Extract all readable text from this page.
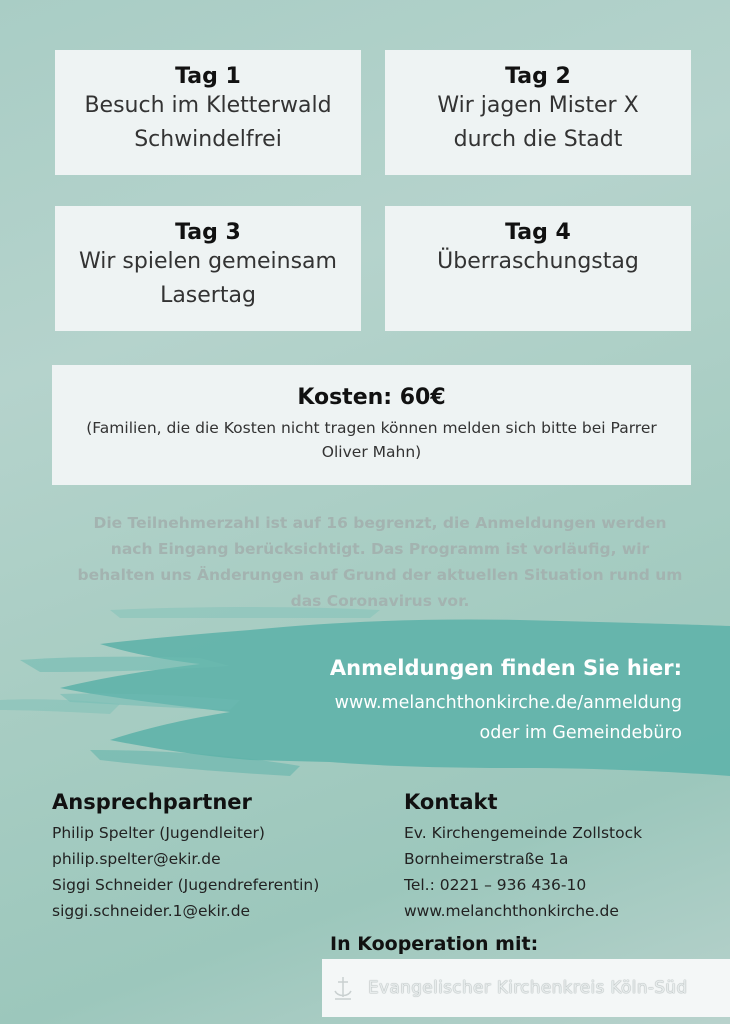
Tag 1
Besuch im Kletterwald
Schwindelfrei
Tag 2
Wir jagen Mister X
durch die Stadt
Tag 3
Wir spielen gemeinsam
Lasertag
Tag 4
Überraschungstag
Kosten: 60€
(Familien, die die Kosten nicht tragen können melden sich bitte bei Parrer Oliver Mahn)
Die Teilnehmerzahl ist auf 16 begrenzt, die Anmeldungen werden
nach Eingang berücksichtigt. Das Programm ist vorläufig, wir
behalten uns Änderungen auf Grund der aktuellen Situation rund um
das Coronavirus vor.
Anmeldungen finden Sie hier:
www.melanchthonkirche.de/anmeldung
oder im Gemeindebüro
Ansprechpartner
Philip Spelter (Jugendleiter)
philip.spelter@ekir.de
Siggi Schneider (Jugendreferentin)
siggi.schneider.1@ekir.de
Kontakt
Ev. Kirchengemeinde Zollstock
Bornheimerstraße 1a
Tel.: 0221 – 936 436-10
www.melanchthonkirche.de
In Kooperation mit:
Evangelischer Kirchenkreis Köln-Süd
